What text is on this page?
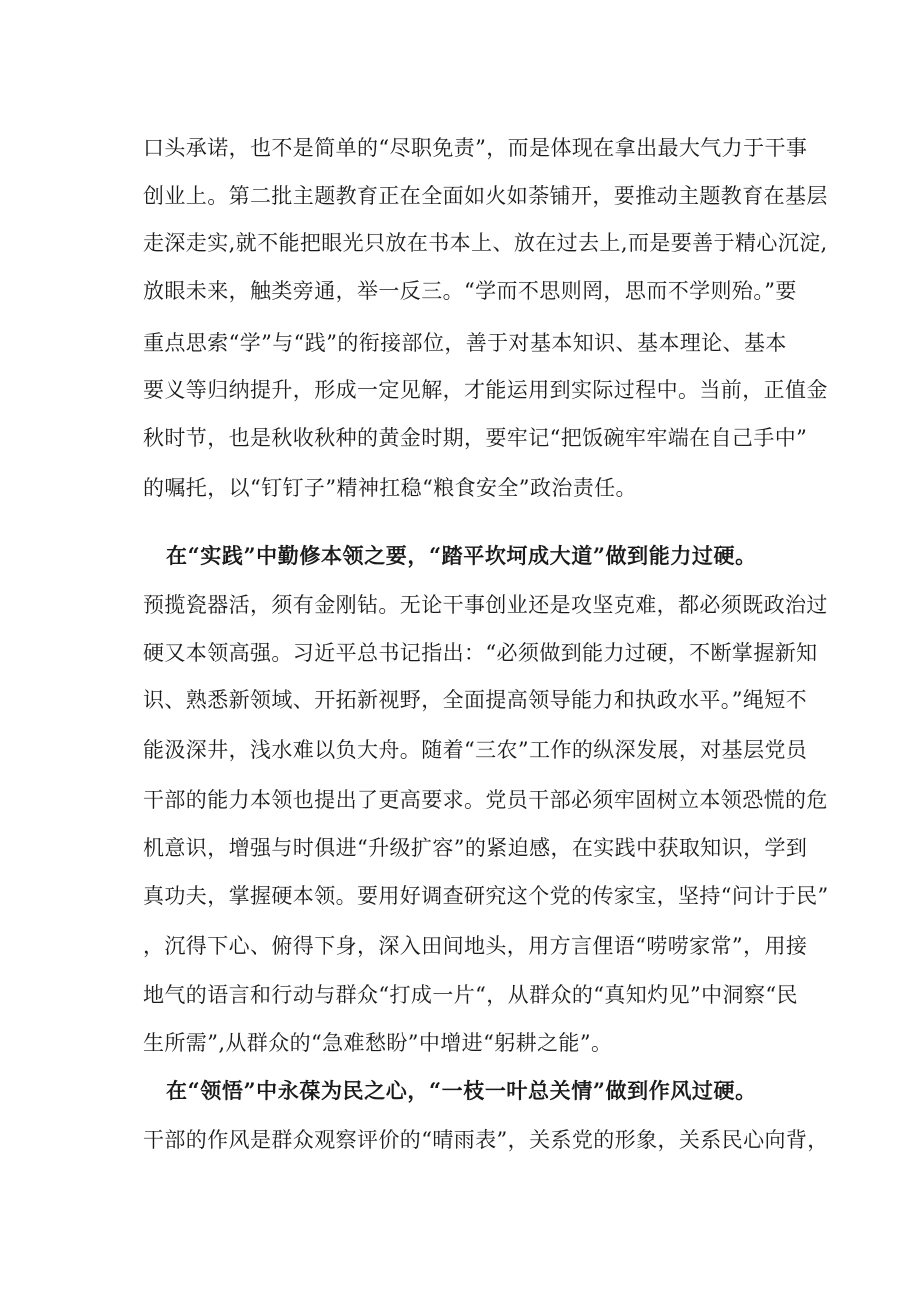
口头承诺，也不是简单的“尽职免责”，而是体现在拿出最大气力于干事
创业上。第二批主题教育正在全面如火如荼铺开，要推动主题教育在基层
走深走实,就不能把眼光只放在书本上、放在过去上,而是要善于精心沉淀,
放眼未来，触类旁通，举一反三。“学而不思则罔，思而不学则殆。”要
重点思索“学”与“践”的衔接部位，善于对基本知识、基本理论、基本
要义等归纳提升，形成一定见解，才能运用到实际过程中。当前，正值金
秋时节，也是秋收秋种的黄金时期，要牢记“把饭碗牢牢端在自己手中”
的嘱托，以“钉钉子”精神扛稳“粮食安全”政治责任。
在“实践”中勤修本领之要，“踏平坎坷成大道”做到能力过硬。
预揽瓷器活，须有金刚钻。无论干事创业还是攻坚克难，都必须既政治过
硬又本领高强。习近平总书记指出：“必须做到能力过硬，不断掌握新知
识、熟悉新领域、开拓新视野，全面提高领导能力和执政水平。”绳短不
能汲深井，浅水难以负大舟。随着“三农”工作的纵深发展，对基层党员
干部的能力本领也提出了更高要求。党员干部必须牢固树立本领恐慌的危
机意识，增强与时俱进“升级扩容”的紧迫感，在实践中获取知识，学到
真功夫，掌握硬本领。要用好调查研究这个党的传家宝，坚持“问计于民”
，沉得下心、俯得下身，深入田间地头，用方言俚语“唠唠家常”，用接
地气的语言和行动与群众“打成一片“，从群众的“真知灼见”中洞察“民
生所需”,从群众的“急难愁盼”中增进“躬耕之能”。
在“领悟”中永葆为民之心，“一枝一叶总关情”做到作风过硬。
干部的作风是群众观察评价的“晴雨表”，关系党的形象，关系民心向背，
